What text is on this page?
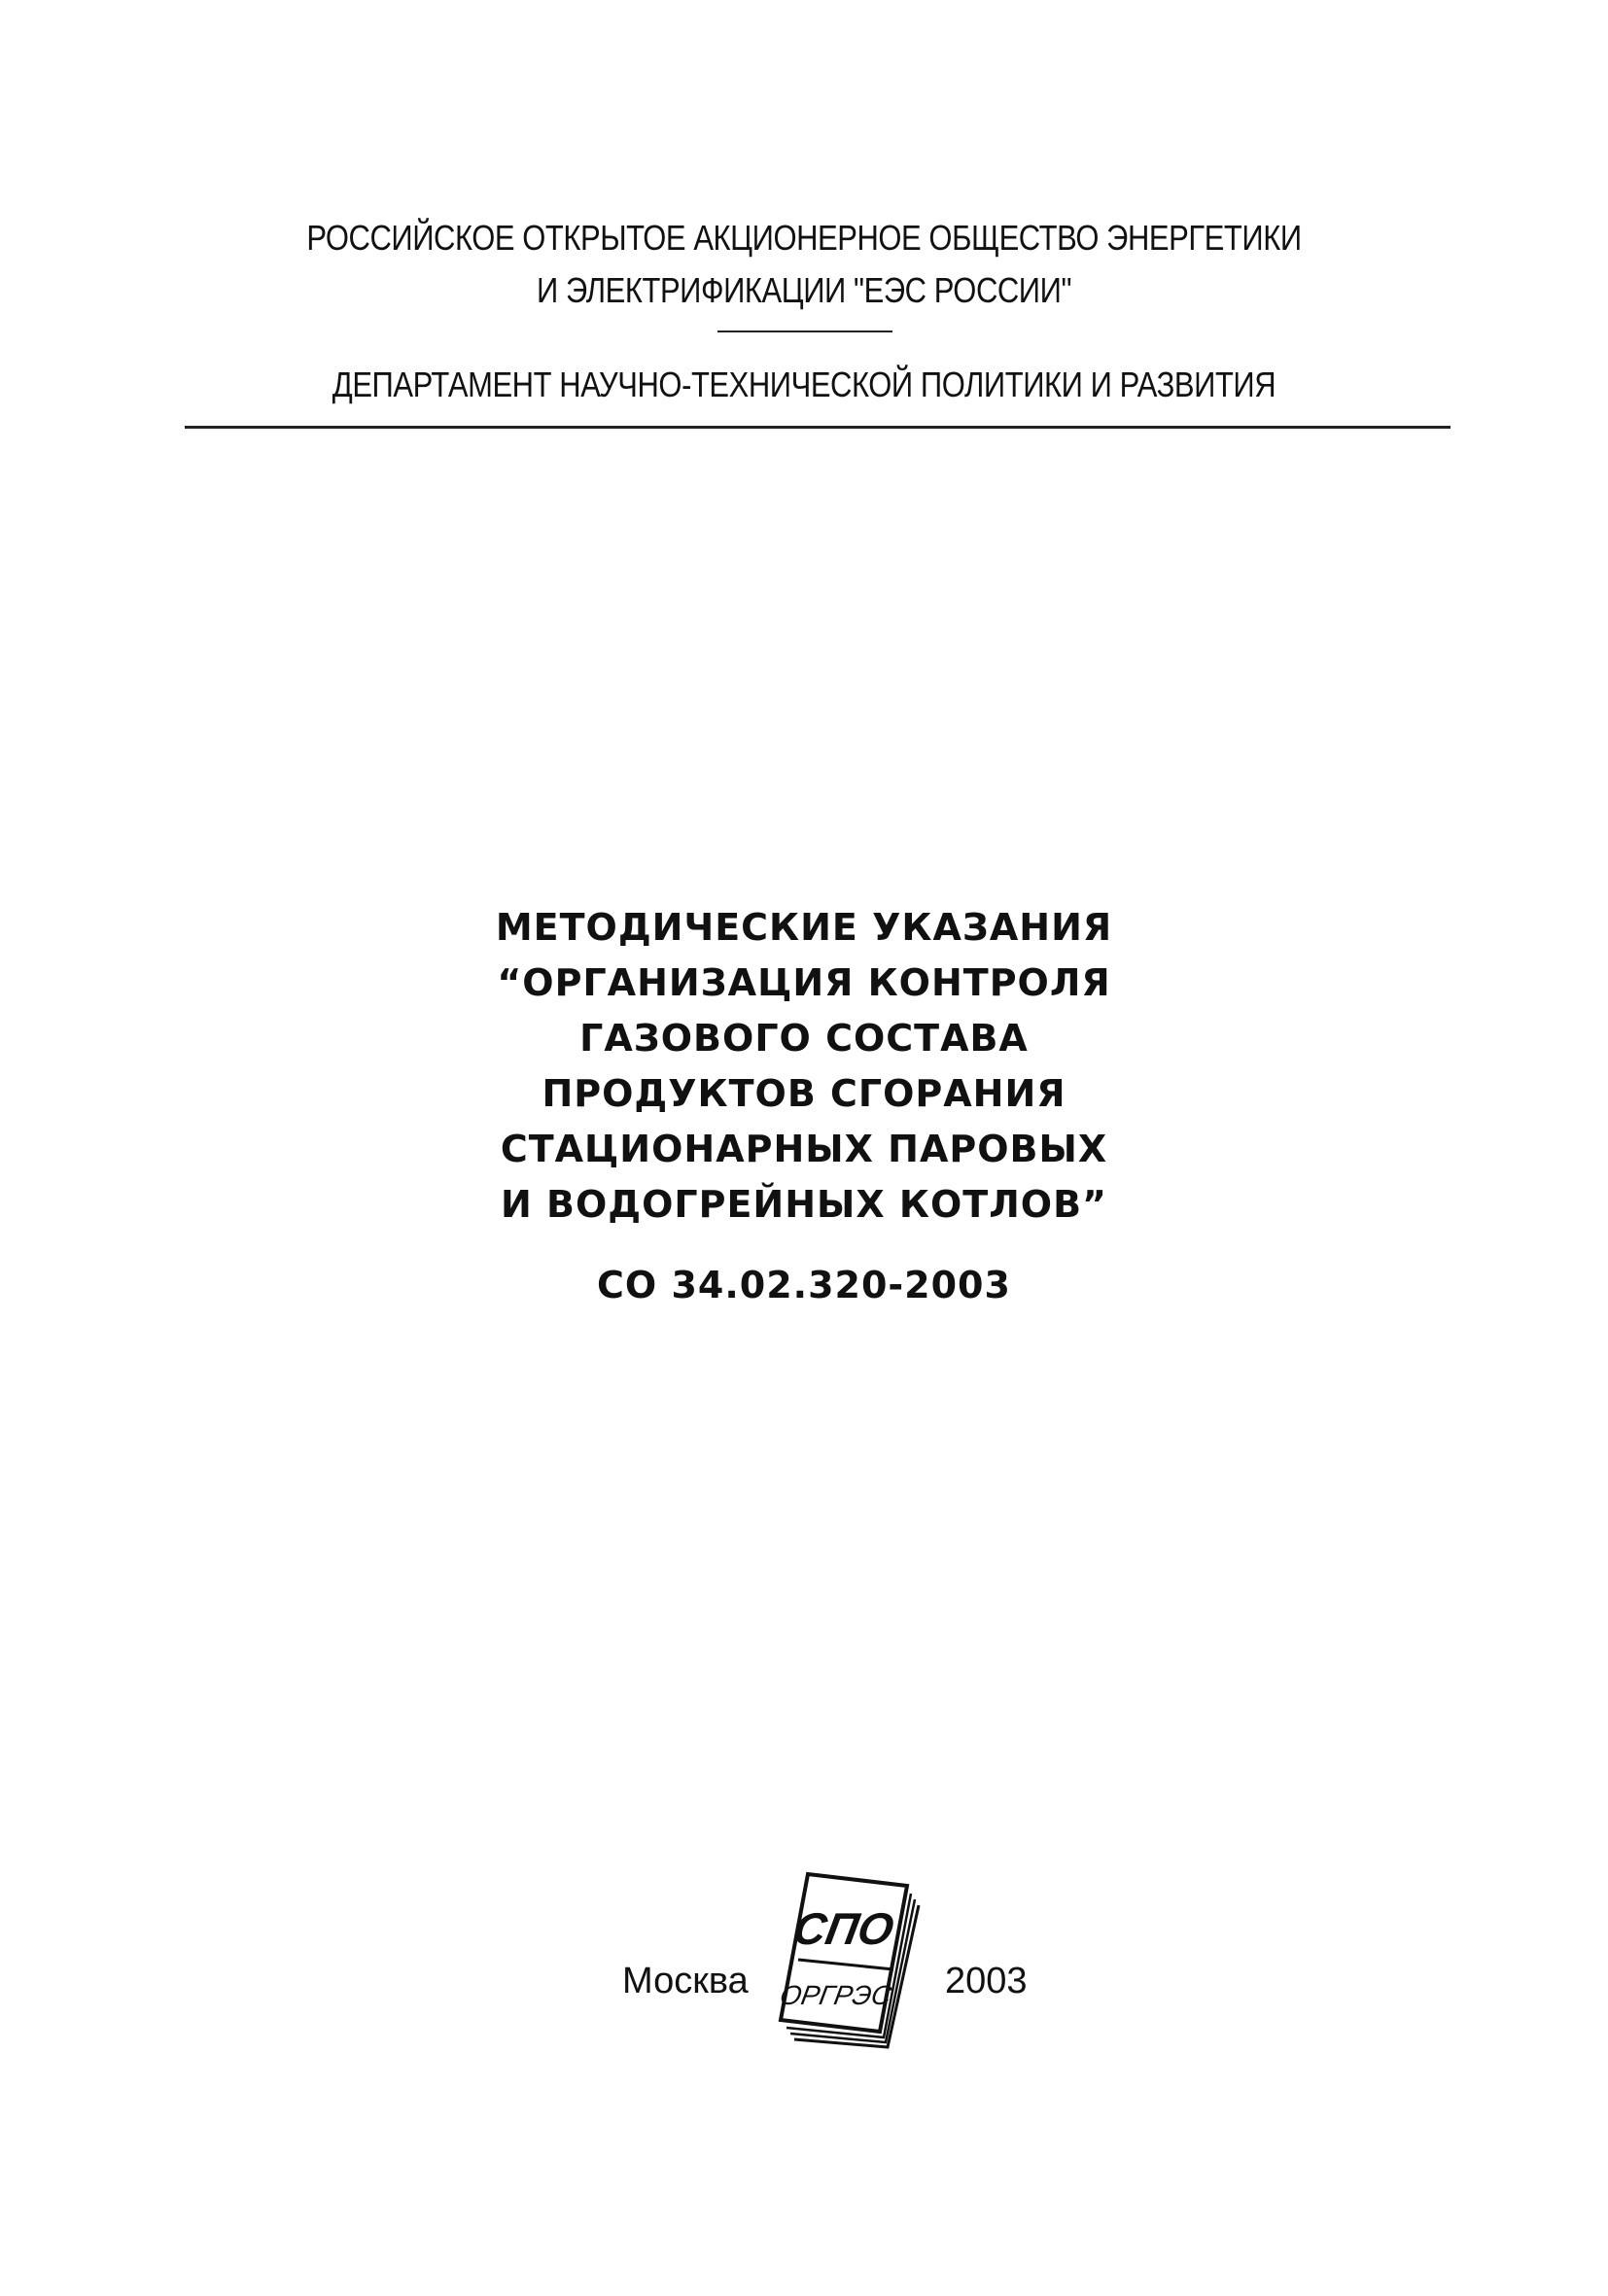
РОССИЙСКОЕ ОТКРЫТОЕ АКЦИОНЕРНОЕ ОБЩЕСТВО ЭНЕРГЕТИКИ
И ЭЛЕКТРИФИКАЦИИ "ЕЭС РОССИИ"
ДЕПАРТАМЕНТ НАУЧНО-ТЕХНИЧЕСКОЙ ПОЛИТИКИ И РАЗВИТИЯ
МЕТОДИЧЕСКИЕ УКАЗАНИЯ
“ОРГАНИЗАЦИЯ КОНТРОЛЯ
ГАЗОВОГО СОСТАВА
ПРОДУКТОВ СГОРАНИЯ
СТАЦИОНАРНЫХ ПАРОВЫХ
И ВОДОГРЕЙНЫХ КОТЛОВ”
СО 34.02.320-2003
Москва
СПО
ОРГРЭС 2003
